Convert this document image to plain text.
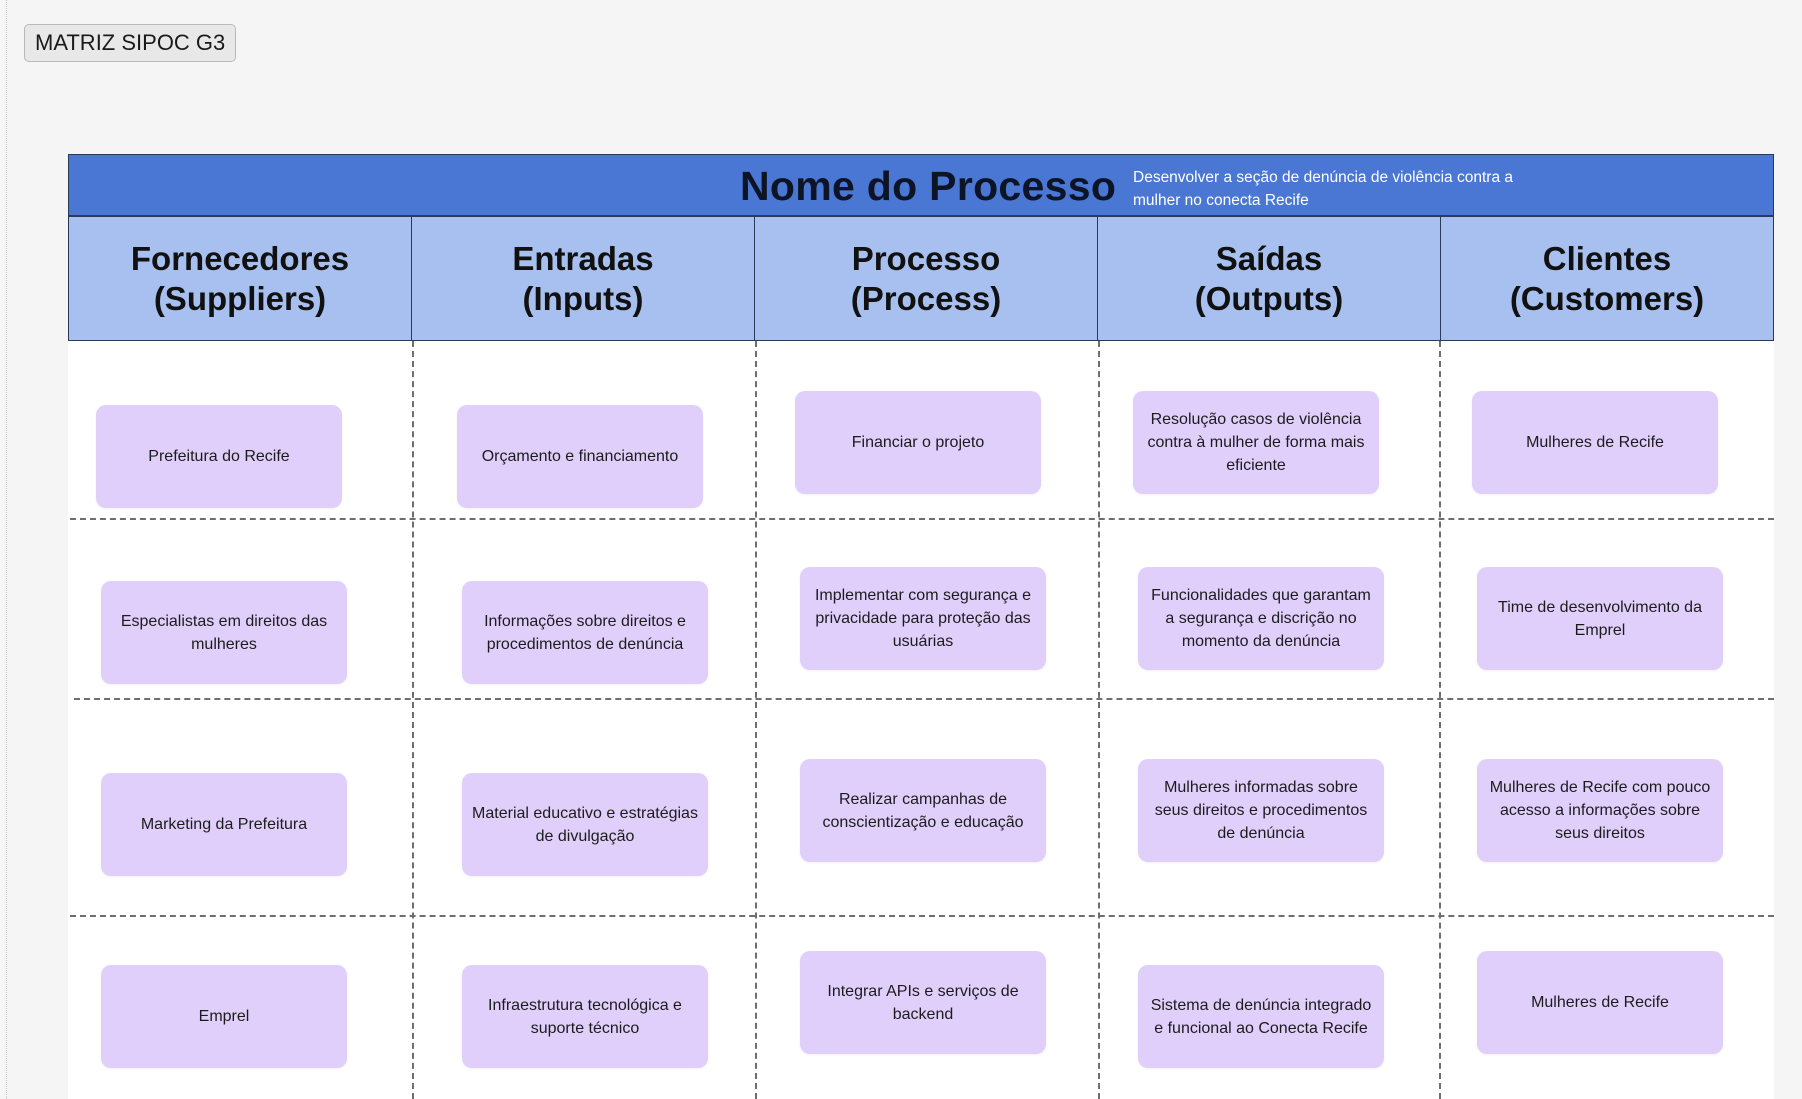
MATRIZ SIPOC G3
Nome do Processo Desenvolver a seção de denúncia de violência contra a mulher no conecta Recife
Fornecedores
(Suppliers)
Entradas
(Inputs)
Processo
(Process)
Saídas
(Outputs)
Clientes
(Customers)
Prefeitura do Recife	Orçamento e financiamento
Financiar o projeto
Resolução casos de violência contra à mulher de forma mais eficiente
Mulheres de Recife
Especialistas em direitos das mulheres
Informações sobre direitos e procedimentos de denúncia
Implementar com segurança e privacidade para proteção das usuárias
Funcionalidades que garantam a segurança e discrição no momento da denúncia
Time de desenvolvimento da Emprel
Marketing da Prefeitura
Material educativo e estratégias de divulgação
Realizar campanhas de conscientização e educação
Mulheres informadas sobre seus direitos e procedimentos de denúncia
Mulheres de Recife com pouco acesso a informações sobre seus direitos
Emprel
Infraestrutura tecnológica e suporte técnico
Integrar APIs e serviços de backend
Sistema de denúncia integrado e funcional ao Conecta Recife
Mulheres de Recife
